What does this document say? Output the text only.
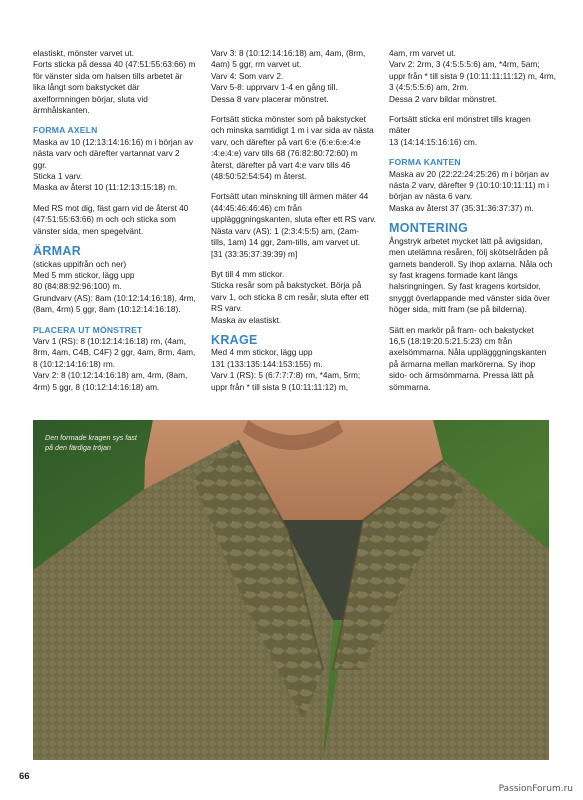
elastiskt, mönster varvet ut.
Forts sticka på dessa 40 (47:51:55:63:66) m
för vänster sida om halsen tills arbetet är
lika långt som bakstycket där
axelformningen börjar, sluta vid
ärmhålskanten.
FORMA AXELN
Maska av 10 (12:13:14:16:16) m i början av
nästa varv och därefter vartannat varv 2
ggr.
Sticka 1 varv.
Maska av återst 10 (11:12:13:15:18) m.
Med RS mot dig, fäst garn vid de återst 40
(47:51:55:63:66) m och och sticka som
vänster sida, men spegelvänt.
ÄRMAR
(stickas uppifrån och ner)
Med 5 mm stickor, lägg upp
80 (84:88:92:96:100) m.
Grundvarv (AS): 8am (10:12:14:16:18), 4rm,
(8am, 4rm) 5 ggr, 8am (10:12:14:16:18).
PLACERA UT MÖNSTRET
Varv 1 (RS): 8 (10:12:14:16:18) rm, (4am,
8rm, 4am, C4B, C4F) 2 ggr, 4am, 8rm, 4am,
8 (10:12:14:16:18) rm.
Varv 2: 8 (10:12:14:16:18) am, 4rm, (8am,
4rm) 5 ggr, 8 (10:12:14:16:18) am.
Varv 3: 8 (10:12:14:16:18) am, 4am, (8rm,
4am) 5 ggr, rm varvet ut.
Varv 4: Som varv 2.
Varv 5-8: upprvarv 1-4 en gång till.
Dessa 8 varv placerar mönstret.
Fortsätt sticka mönster som på bakstycket
och minska samtidigt 1 m i var sida av nästa
varv, och därefter på vart 6:e (6:e:6:e:4:e
:4:e:4:e) varv tills 68 (76:82:80:72:60) m
återst, därefter på vart 4:e varv tills 46
(48:50:52:54:54) m återst.
Fortsätt utan minskning till ärmen mäter 44
(44:45:46:46:46) cm från
upplägggningskanten, sluta efter ett RS varv.
Nästa varv (AS): 1 (2:3:4:5:5) am, (2am-
tills, 1am) 14 ggr, 2am-tills, am varvet ut.
[31 (33:35:37:39:39) m]
Byt till 4 mm stickor.
Sticka resår som på bakstycket. Börja på
varv 1, och sticka 8 cm resår, sluta efter ett
RS varv.
Maska av elastiskt.
KRAGE
Med 4 mm stickor, lägg upp
131 (133:135:144:153:155) m.
Varv 1 (RS): 5 (6:7:7:7:8) rm, *4am, 5rm;
uppr från * till sista 9 (10:11:11:12) m,
4am, rm varvet ut.
Varv 2: 2rm, 3 (4:5:5:5:6) am, *4rm, 5am;
uppr från * till sista 9 (10:11:11:11:12) m, 4rm,
3 (4:5:5:5:6) am, 2rm.
Dessa 2 varv bildar mönstret.
Fortsätt sticka enl mönstret tills kragen
mäter
13 (14:14:15:16:16) cm.
FORMA KANTEN
Maska av 20 (22:22:24:25:26) m i början av
nästa 2 varv, därefter 9 (10:10:10:11:11) m i
början av nästa 6 varv.
Maska av återst 37 (35:31:36:37:37) m.
MONTERING
Ångstryk arbetet mycket lätt på avigsidan,
men utelämna resåren, följ skötselråden på
garnets banderoll. Sy ihop axlarna. Nåla och
sy fast kragens formade kant längs
halsringningen. Sy fast kragens kortsidor,
snyggt överlappande med vänster sida över
höger sida, mitt fram (se på bilderna).
Sätt en markör på fram- och bakstycket
16,5 (18:19:20.5:21.5:23) cm från
axelsömmarna. Nåla upplägggningskanten
på ärmarna mellan markörerna. Sy ihop
sido- och ärmsömmarna. Pressa lätt på
sömmarna.
Den formade kragen sys fast
på den färdiga tröjan
66
PassionForum.ru
